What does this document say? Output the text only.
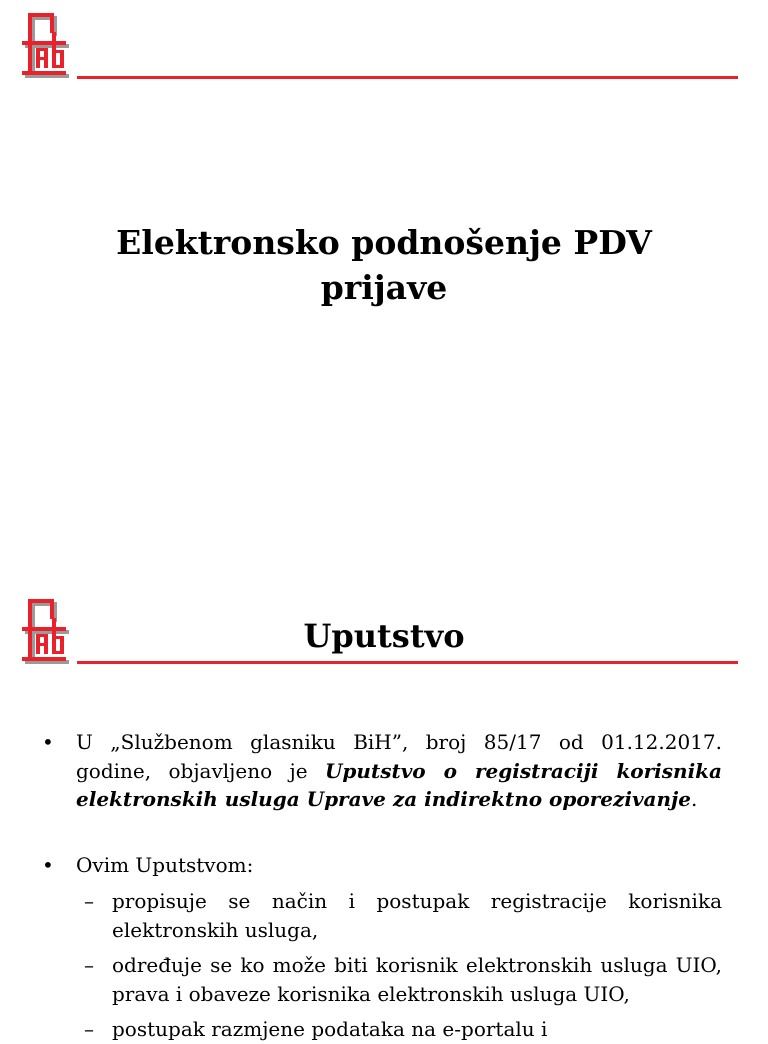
Elektronsko podnošenje PDV
prijave
Uputstvo
• U „Službenom glasniku BiH”, broj 85/17 od 01.12.2017. godine, objavljeno je Uputstvo o registraciji korisnika elektronskih usluga Uprave za indirektno oporezivanje.
• Ovim Uputstvom:
– propisuje se način i postupak registracije korisnika elektronskih usluga,
– određuje se ko može biti korisnik elektronskih usluga UIO, prava i obaveze korisnika elektronskih usluga UIO,
– postupak razmjene podataka na e-portalu i
